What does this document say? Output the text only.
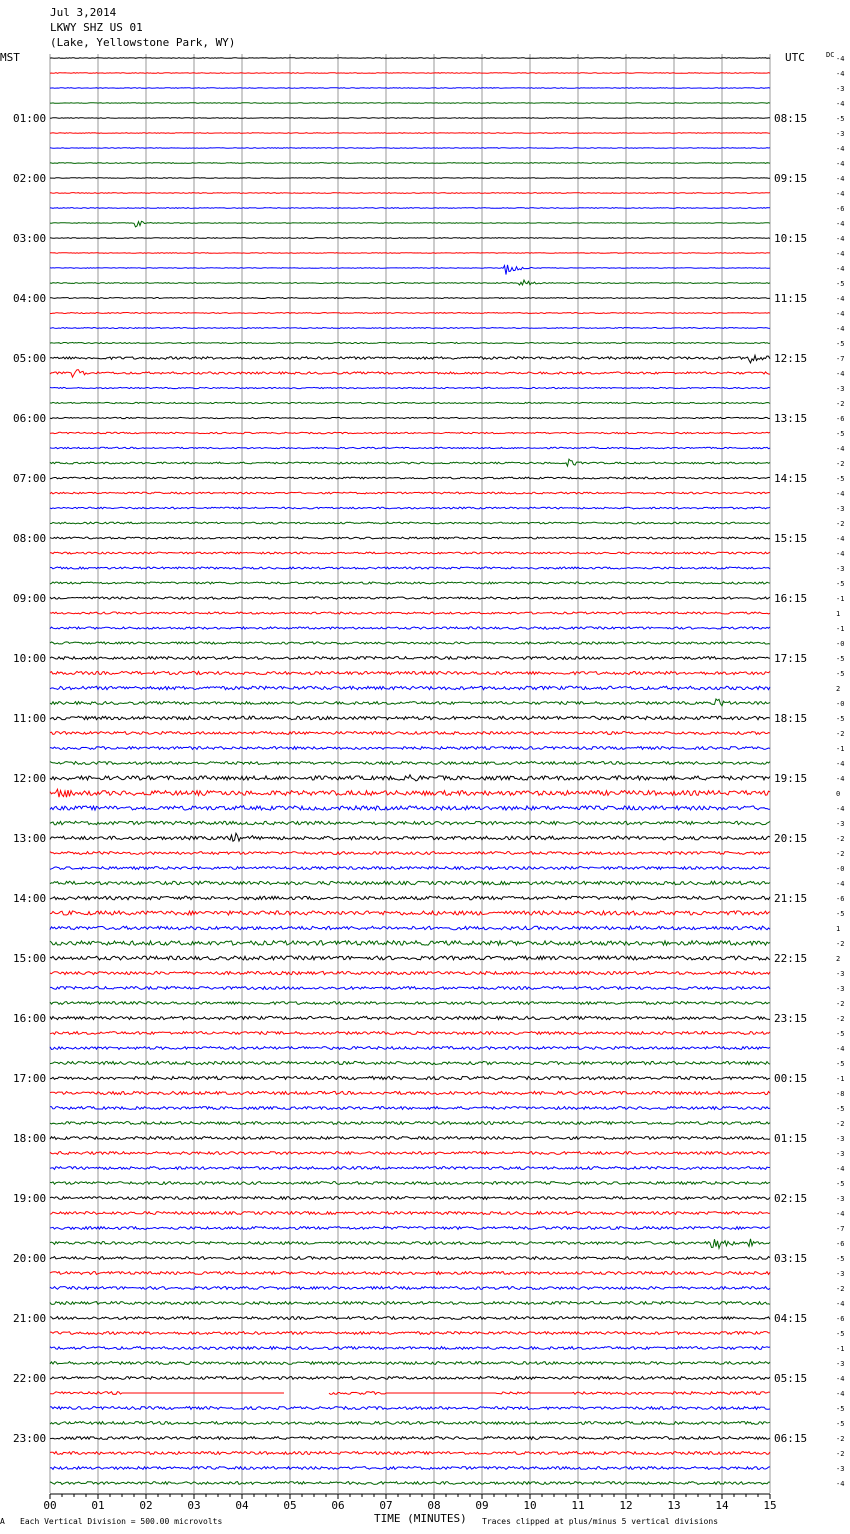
Jul 3,2014
LKWY SHZ US 01
(Lake, Yellowstone Park, WY)
MST	UTC	DC
01:00
02:00
03:00
04:00
05:00
06:00
07:00
08:00
09:00
10:00
11:00
12:00
13:00
14:00
15:00
16:00
17:00
18:00
19:00
20:00
21:00
22:00
23:00
08:15
09:15
10:15
11:15
12:15
13:15
14:15
15:15
16:15
17:15
18:15
19:15
20:15
21:15
22:15
23:15
00:15
01:15
02:15
03:15
04:15
05:15
06:15
-4
-4
-3
-4
-5
-3
-4
-4
-4
-4
-6
-4
-4
-4
-4
-5
-4
-4
-4
-5
-7
-4
-3
-2
-6
-5
-4
-2
-5
-4
-3
-2
-4
-4
-3
-5
-1
1
-1
-0
-5
-5
2
-0
-5
-2
-1
-4
-4
0
-4
-3
-2
-2
-0
-4
-6
-5
1
-2
2
-3
-3
-2
-2
-5
-4
-5
-1
-8
-5
-2
-3
-3
-4
-5
-3
-4
-7
-6
-5
-3
-2
-4
-6
-5
-1
-3
-4
-4
-5
-5
-2
-2
-3
-4
00	01	02	03	04	05	06	07	08	09	10	11	12	13	14	15
TIME (MINUTES)
A Each Vertical Division = 500.00 microvolts	Traces clipped at plus/minus 5 vertical divisions
